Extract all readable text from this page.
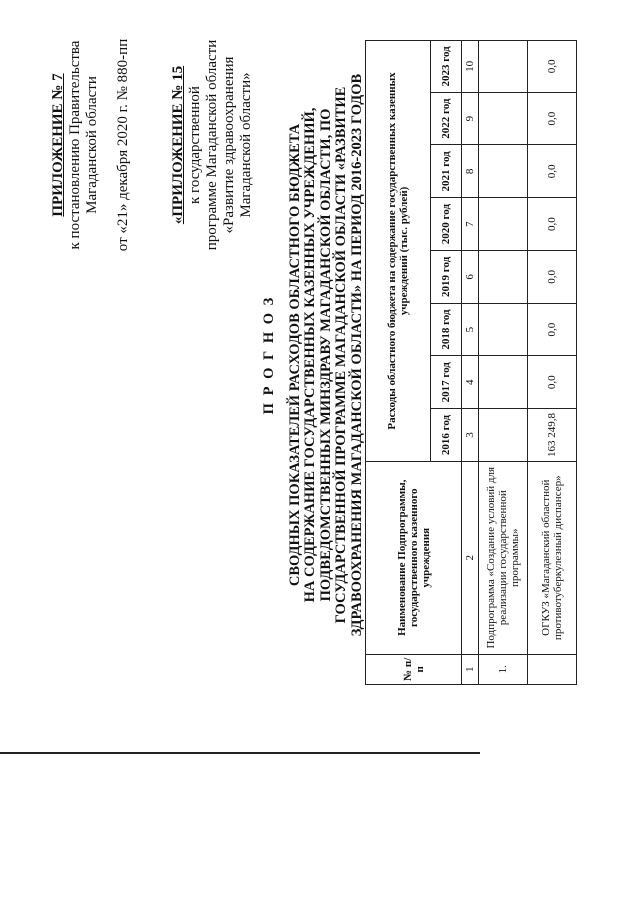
ПРИЛОЖЕНИЕ № 7 к постановлению Правительства Магаданской области от «21» декабря 2020 г. № 880-пп	«ПРИЛОЖЕНИЕ № 15 к государственной программе Магаданской области «Развитие здравоохранения Магаданской области»
П Р О Г Н О З СВОДНЫХ ПОКАЗАТЕЛЕЙ РАСХОДОВ ОБЛАСТНОГО БЮДЖЕТА НА СОДЕРЖАНИЕ ГОСУДАРСТВЕННЫХ КАЗЕННЫХ УЧРЕЖДЕНИЙ, ПОДВЕДОМСТВЕННЫХ МИНЗДРАВУ МАГАДАНСКОЙ ОБЛАСТИ, ПО ГОСУДАРСТВЕННОЙ ПРОГРАММЕ МАГАДАНСКОЙ ОБЛАСТИ «РАЗВИТИЕ ЗДРАВООХРАНЕНИЯ МАГАДАНСКОЙ ОБЛАСТИ» НА ПЕРИОД 2016-2023 ГОДОВ
№ п/п	Наименование Подпрограммы, государственного казенного учреждения	Расходы областного бюджета на содержание государственных казенных учреждений (тыс. рублей)							
		2016 год	2017 год	2018 год	2019 год	2020 год	2021 год	2022 год	2023 год
1	2	3	4	5	6	7	8	9	10
1.	Подпрограмма «Создание условий для реализации государственной программы»								
	ОГКУЗ «Магаданский областной противотуберкулезный диспансер»	163 249,8	0,0	0,0	0,0	0,0	0,0	0,0	0,0
